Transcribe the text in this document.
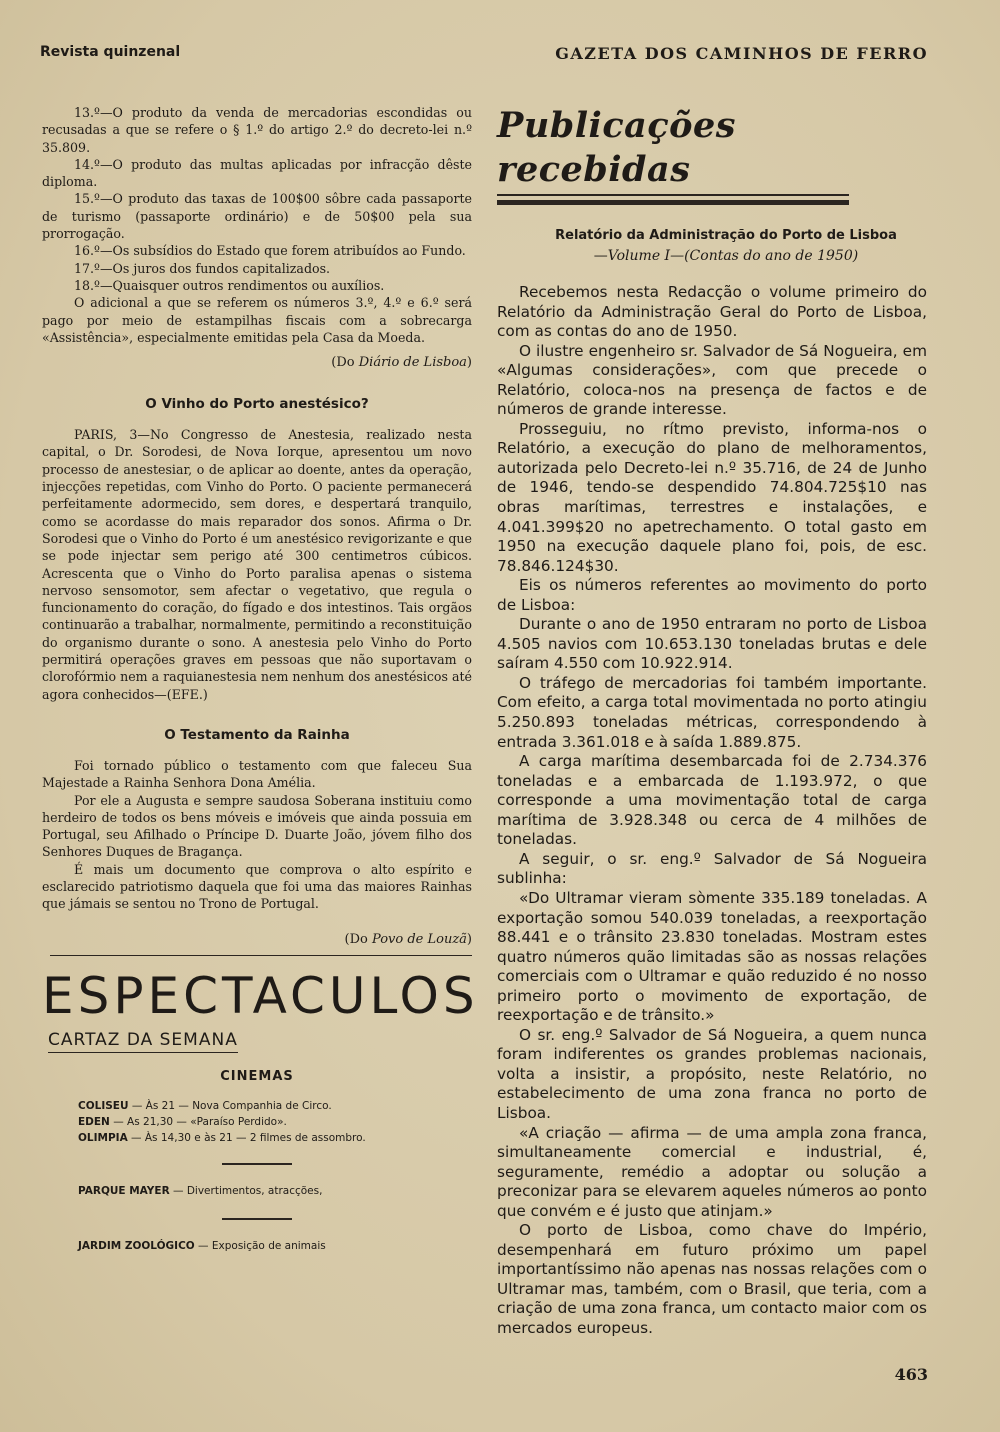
Revista quinzenal	GAZETA DOS CAMINHOS DE FERRO

13.º—O produto da venda de mercadorias escondidas ou recusadas a que se refere o § 1.º do artigo 2.º do decreto-lei n.º 35.809.

14.º—O produto das multas aplicadas por infracção dêste diploma.

15.º—O produto das taxas de 100$00 sôbre cada passaporte de turismo (passaporte ordinário) e de 50$00 pela sua prorrogação.

16.º—Os subsídios do Estado que forem atribuídos ao Fundo.

17.º—Os juros dos fundos capitalizados.

18.º—Quaisquer outros rendimentos ou auxílios.

O adicional a que se referem os números 3.º, 4.º e 6.º será pago por meio de estampilhas fiscais com a sobrecarga «Assistência», especialmente emitidas pela Casa da Moeda.

(Do Diário de Lisboa)

O Vinho do Porto anestésico?

PARIS, 3—No Congresso de Anestesia, realizado nesta capital, o Dr. Sorodesi, de Nova Iorque, apresentou um novo processo de anestesiar, o de aplicar ao doente, antes da operação, injecções repetidas, com Vinho do Porto. O paciente permanecerá perfeitamente adormecido, sem dores, e despertará tranquilo, como se acordasse do mais reparador dos sonos. Afirma o Dr. Sorodesi que o Vinho do Porto é um anestésico revigorizante e que se pode injectar sem perigo até 300 centimetros cúbicos. Acrescenta que o Vinho do Porto paralisa apenas o sistema nervoso sensomotor, sem afectar o vegetativo, que regula o funcionamento do coração, do fígado e dos intestinos. Tais orgãos continuarão a trabalhar, normalmente, permitindo a reconstituição do organismo durante o sono. A anestesia pelo Vinho do Porto permitirá operações graves em pessoas que não suportavam o clorofórmio nem a raquianestesia nem nenhum dos anestésicos até agora conhecidos—(EFE.)

O Testamento da Rainha

Foi tornado público o testamento com que faleceu Sua Majestade a Rainha Senhora Dona Amélia.

Por ele a Augusta e sempre saudosa Soberana instituiu como herdeiro de todos os bens móveis e imóveis que ainda possuia em Portugal, seu Afilhado o Príncipe D. Duarte João, jóvem filho dos Senhores Duques de Bragança.

É mais um documento que comprova o alto espírito e esclarecido patriotismo daquela que foi uma das maiores Rainhas que jámais se sentou no Trono de Portugal.

(Do Povo de Louzã)

ESPECTACULOS

CARTAZ DA SEMANA

CINEMAS

COLISEU — Às 21 — Nova Companhia de Circo.

EDEN — As 21,30 — «Paraíso Perdido».

OLIMPIA — Às 14,30 e às 21 — 2 filmes de assombro.

PARQUE MAYER — Divertimentos, atracções,

JARDIM ZOOLÓGICO — Exposição de animais

Publicações recebidas

Relatório da Administração do Porto de Lisboa

—Volume I—(Contas do ano de 1950)

Recebemos nesta Redacção o volume primeiro do Relatório da Administração Geral do Porto de Lisboa, com as contas do ano de 1950.

O ilustre engenheiro sr. Salvador de Sá Nogueira, em «Algumas considerações», com que precede o Relatório, coloca-nos na presença de factos e de números de grande interesse.

Prosseguiu, no rítmo previsto, informa-nos o Relatório, a execução do plano de melhoramentos, autorizada pelo Decreto-lei n.º 35.716, de 24 de Junho de 1946, tendo-se despendido 74.804.725$10 nas obras marítimas, terrestres e instalações, e 4.041.399$20 no apetrechamento. O total gasto em 1950 na execução daquele plano foi, pois, de esc. 78.846.124$30.

Eis os números referentes ao movimento do porto de Lisboa:

Durante o ano de 1950 entraram no porto de Lisboa 4.505 navios com 10.653.130 toneladas brutas e dele saíram 4.550 com 10.922.914.

O tráfego de mercadorias foi também importante. Com efeito, a carga total movimentada no porto atingiu 5.250.893 toneladas métricas, correspondendo à entrada 3.361.018 e à saída 1.889.875.

A carga marítima desembarcada foi de 2.734.376 toneladas e a embarcada de 1.193.972, o que corresponde a uma movimentação total de carga marítima de 3.928.348 ou cerca de 4 milhões de toneladas.

A seguir, o sr. eng.º Salvador de Sá Nogueira sublinha:

«Do Ultramar vieram sòmente 335.189 toneladas. A exportação somou 540.039 toneladas, a reexportação 88.441 e o trânsito 23.830 toneladas. Mostram estes quatro números quão limitadas são as nossas relações comerciais com o Ultramar e quão reduzido é no nosso primeiro porto o movimento de exportação, de reexportação e de trânsito.»

O sr. eng.º Salvador de Sá Nogueira, a quem nunca foram indiferentes os grandes problemas nacionais, volta a insistir, a propósito, neste Relatório, no estabelecimento de uma zona franca no porto de Lisboa.

«A criação — afirma — de uma ampla zona franca, simultaneamente comercial e industrial, é, seguramente, remédio a adoptar ou solução a preconizar para se elevarem aqueles números ao ponto que convém e é justo que atinjam.»

O porto de Lisboa, como chave do Império, desempenhará em futuro próximo um papel importantíssimo não apenas nas nossas relações com o Ultramar mas, também, com o Brasil, que teria, com a criação de uma zona franca, um contacto maior com os mercados europeus.

463
